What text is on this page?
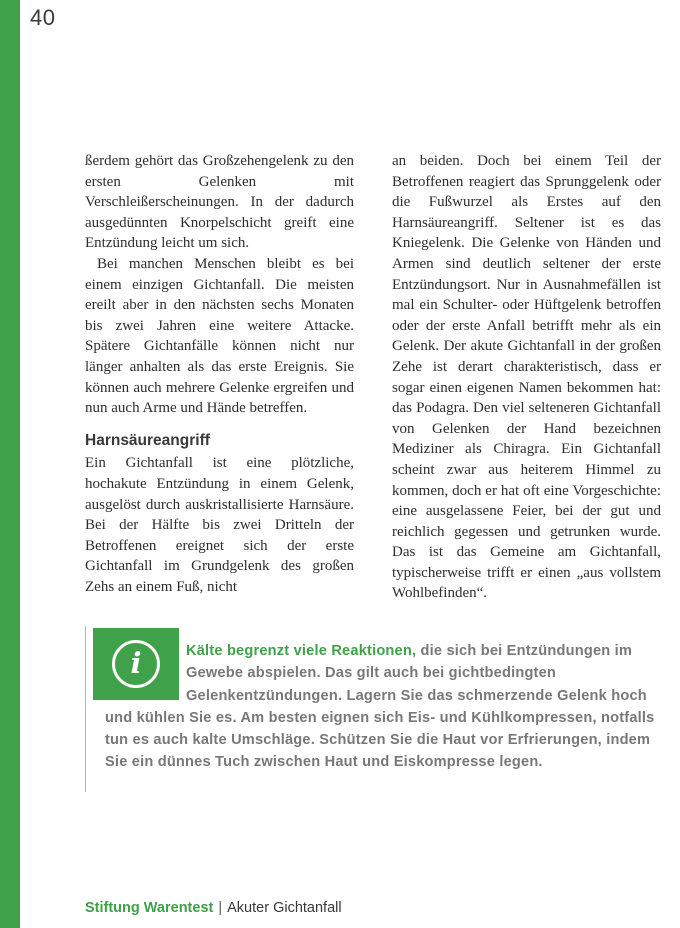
40

ßerdem gehört das Großzehengelenk zu den ersten Gelenken mit Verschleißerscheinungen. In der dadurch ausgedünnten Knorpelschicht greift eine Entzündung leicht um sich.

Bei manchen Menschen bleibt es bei einem einzigen Gichtanfall. Die meisten ereilt aber in den nächsten sechs Monaten bis zwei Jahren eine weitere Attacke. Spätere Gichtanfälle können nicht nur länger anhalten als das erste Ereignis. Sie können auch mehrere Gelenke ergreifen und nun auch Arme und Hände betreffen.

Harnsäureangriff

Ein Gichtanfall ist eine plötzliche, hochakute Entzündung in einem Gelenk, ausgelöst durch auskristallisierte Harnsäure. Bei der Hälfte bis zwei Dritteln der Betroffenen ereignet sich der erste Gichtanfall im Grundgelenk des großen Zehs an einem Fuß, nicht

an beiden. Doch bei einem Teil der Betroffenen reagiert das Sprunggelenk oder die Fußwurzel als Erstes auf den Harnsäureangriff. Seltener ist es das Kniegelenk. Die Gelenke von Händen und Armen sind deutlich seltener der erste Entzündungsort. Nur in Ausnahmefällen ist mal ein Schulter- oder Hüftgelenk betroffen oder der erste Anfall betrifft mehr als ein Gelenk. Der akute Gichtanfall in der großen Zehe ist derart charakteristisch, dass er sogar einen eigenen Namen bekommen hat: das Podagra. Den viel selteneren Gichtanfall von Gelenken der Hand bezeichnen Mediziner als Chiragra. Ein Gichtanfall scheint zwar aus heiterem Himmel zu kommen, doch er hat oft eine Vorgeschichte: eine ausgelassene Feier, bei der gut und reichlich gegessen und getrunken wurde. Das ist das Gemeine am Gichtanfall, typischerweise trifft er einen „aus vollstem Wohlbefinden“.

i	Kälte begrenzt viele Reaktionen, die sich bei Entzündungen im Gewebe abspielen. Das gilt auch bei gichtbedingten Gelenkentzündungen. Lagern Sie das schmerzende Gelenk hoch und kühlen Sie es. Am besten eignen sich Eis- und Kühlkompressen, notfalls tun es auch kalte Umschläge. Schützen Sie die Haut vor Erfrierungen, indem Sie ein dünnes Tuch zwischen Haut und Eiskompresse legen.

Stiftung Warentest | Akuter Gichtanfall
